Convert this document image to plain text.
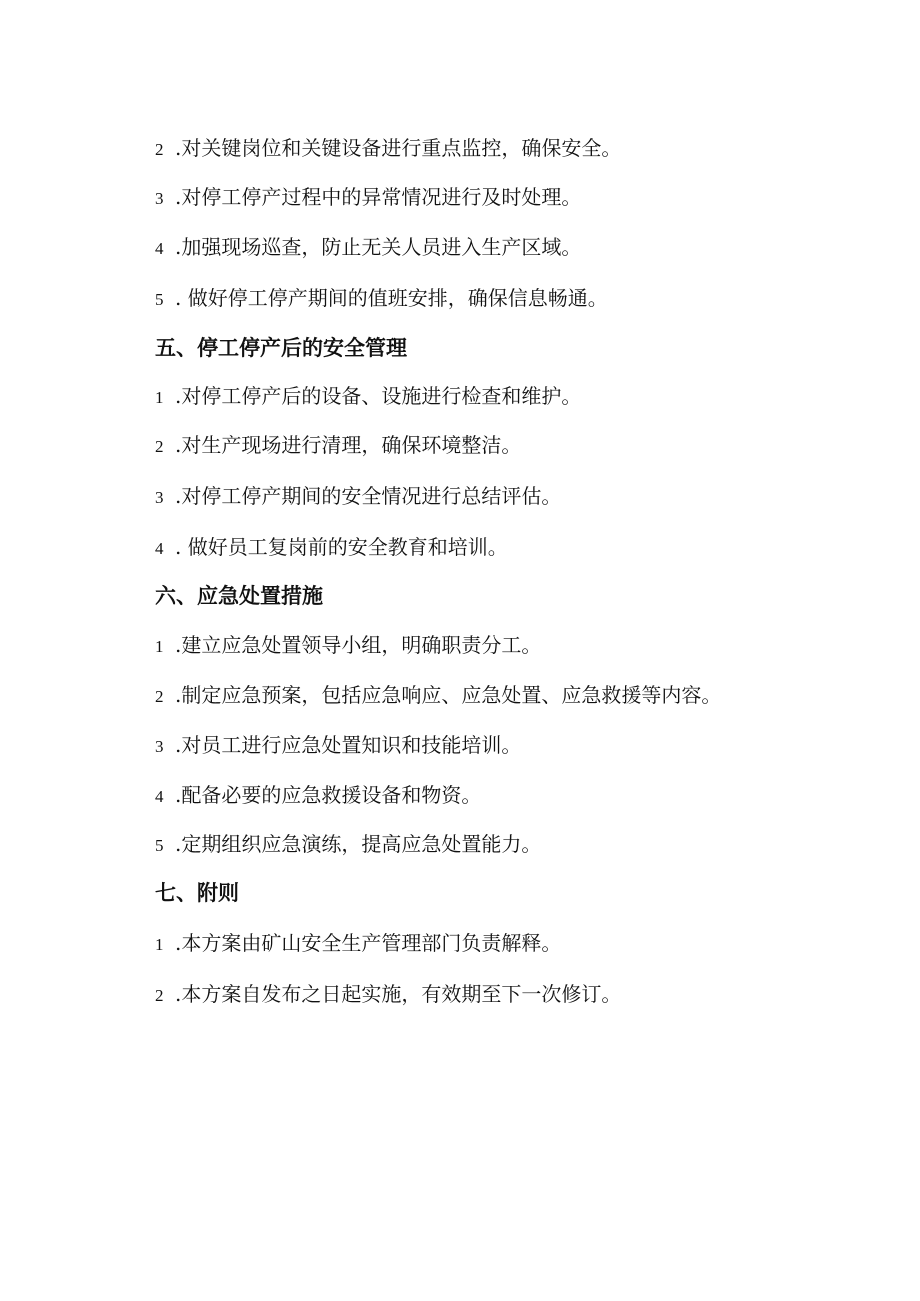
2 .对关键岗位和关键设备进行重点监控，确保安全。
3 .对停工停产过程中的异常情况进行及时处理。
4 .加强现场巡查，防止无关人员进入生产区域。
5 . 做好停工停产期间的值班安排，确保信息畅通。
五、停工停产后的安全管理
1 .对停工停产后的设备、设施进行检查和维护。
2 .对生产现场进行清理，确保环境整洁。
3 .对停工停产期间的安全情况进行总结评估。
4 . 做好员工复岗前的安全教育和培训。
六、应急处置措施
1 .建立应急处置领导小组，明确职责分工。
2 .制定应急预案，包括应急响应、应急处置、应急救援等内容。
3 .对员工进行应急处置知识和技能培训。
4 .配备必要的应急救援设备和物资。
5 .定期组织应急演练，提高应急处置能力。
七、附则
1 .本方案由矿山安全生产管理部门负责解释。
2 .本方案自发布之日起实施，有效期至下一次修订。
